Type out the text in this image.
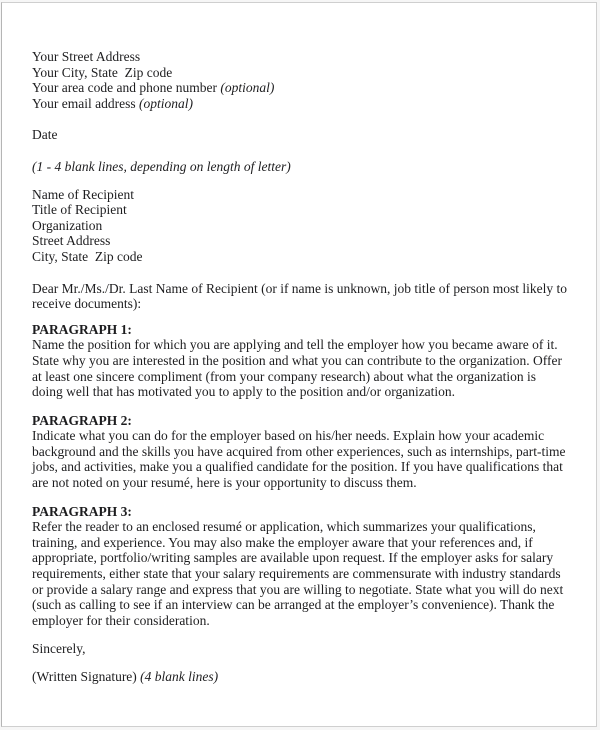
Your Street Address
Your City, State  Zip code
Your area code and phone number (optional)
Your email address (optional)
Date
(1 - 4 blank lines, depending on length of letter)
Name of Recipient
Title of Recipient
Organization
Street Address
City, State  Zip code
Dear Mr./Ms./Dr. Last Name of Recipient (or if name is unknown, job title of person most likely to receive documents):
PARAGRAPH 1:
Name the position for which you are applying and tell the employer how you became aware of it. State why you are interested in the position and what you can contribute to the organization. Offer at least one sincere compliment (from your company research) about what the organization is doing well that has motivated you to apply to the position and/or organization.
PARAGRAPH 2:
Indicate what you can do for the employer based on his/her needs. Explain how your academic background and the skills you have acquired from other experiences, such as internships, part-time jobs, and activities, make you a qualified candidate for the position. If you have qualifications that are not noted on your resumé, here is your opportunity to discuss them.
PARAGRAPH 3:
Refer the reader to an enclosed resumé or application, which summarizes your qualifications, training, and experience. You may also make the employer aware that your references and, if appropriate, portfolio/writing samples are available upon request. If the employer asks for salary requirements, either state that your salary requirements are commensurate with industry standards or provide a salary range and express that you are willing to negotiate. State what you will do next (such as calling to see if an interview can be arranged at the employer’s convenience). Thank the employer for their consideration.
Sincerely,
(Written Signature) (4 blank lines)
